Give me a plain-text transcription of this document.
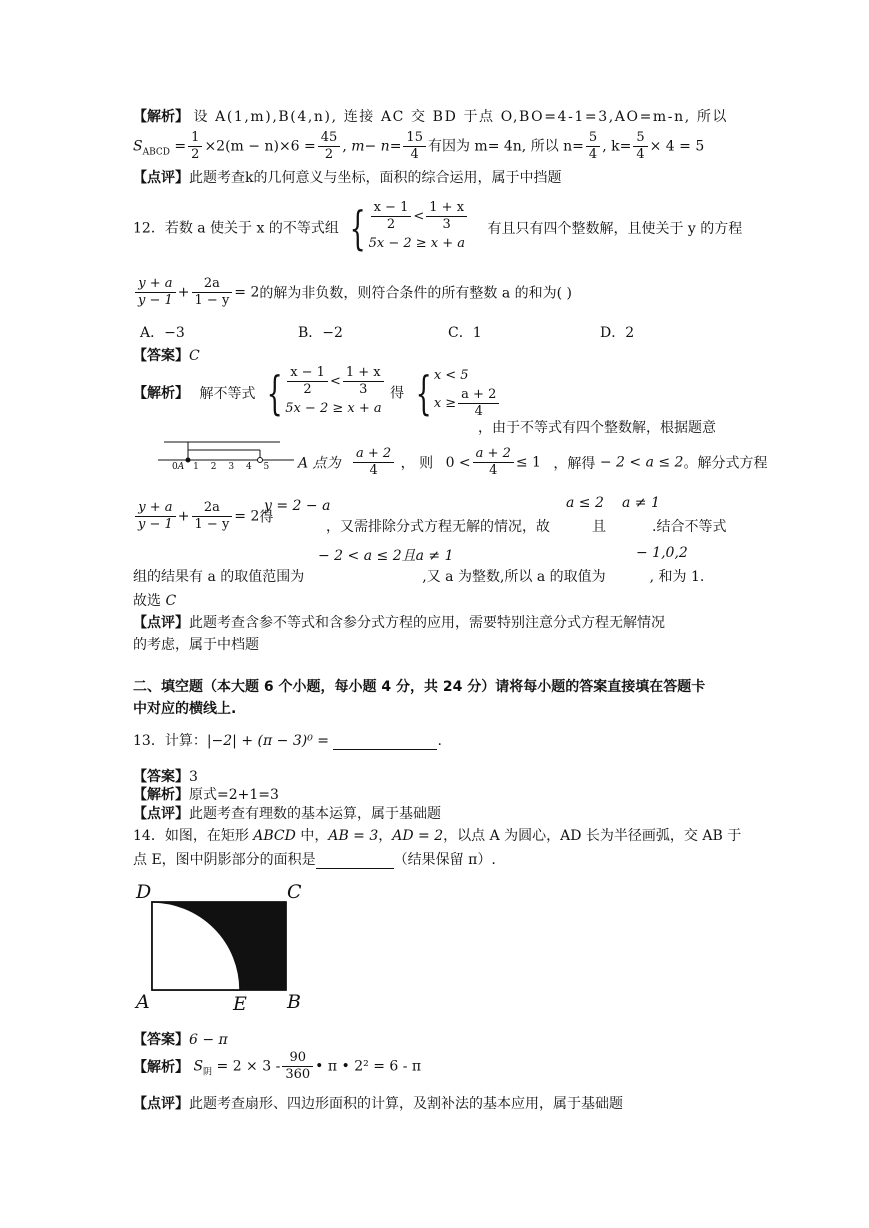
【解析】 设 A(1,m),B(4,n), 连接 AC 交 BD 于点 O,BO=4-1=3,AO=m-n, 所以
$S_{ABCD} = \frac{1}{2} \times 2(m - n)\times 6 = \frac{45}{2}$ , $m- n= \frac{15}{4}$ 有因为 m= 4n, 所以 $n= \frac{5}{4}$ , $k= \frac{5}{4} \times 4 = 5$
【点评】此题考查k的几何意义与坐标，面积的综合运用，属于中挡题
12．若数 a 使关于 x 的不等式组 { $\frac{x - 1}{2} < \frac{1 + x}{3}$
5x − 2 ≥ x + a
有且只有四个整数解，且使关于 y 的方程
$\frac{y + a}{y - 1} + \frac{2a}{1 - y} = 2$的解为非负数，则符合条件的所有整数 a 的和为( )
A．−3	B．−2	C．1	D．2
【答案】C
【解析】 解不等式 { $\frac{x - 1}{2} < \frac{1 + x}{3}$
5x − 2 ≥ x + a
得 { x < 5
$x \ge \frac{a + 2}{4}$
，由于不等式有四个整数解，根据题意
0A 1 2 3 4 5 A 点为 $\frac{a + 2}{4}$ ， 则 $0 < \frac{a + 2}{4} \le 1$ ，解得 − 2 < a ≤ 2。解分式方程
$\frac{y + a}{y - 1} + \frac{2a}{1 - y} = 2$得
y = 2 − a
，又需排除分式方程无解的情况，故
a ≤ 2
且
a ≠ 1
.结合不等式
− 2 < a ≤ 2且a ≠ 1	− 1,0,2
组的结果有 a 的取值范围为	,又 a 为整数,所以 a 的取值为	, 和为 1.
故选 C
【点评】此题考查含参不等式和含参分式方程的应用，需要特别注意分式方程无解情况
的考虑，属于中档题
二、填空题（本大题 6 个小题，每小题 4 分，共 24 分）请将每小题的答案直接填在答题卡
中对应的横线上.
13．计算：|−2| + (π − 3)⁰ =	.
【答案】3
【解析】原式=2+1=3
【点评】此题考查有理数的基本运算，属于基础题
14．如图，在矩形 ABCD 中，AB = 3，AD = 2，以点 A 为圆心，AD 长为半径画弧，交 AB 于
点 E，图中阴影部分的面积是	（结果保留 π）.
D	C
A	E B
【答案】6 − π
【解析】 $S_阴 = 2 \times 3 - \frac{90}{360}$ • π • 2² = 6 - π
【点评】此题考查扇形、四边形面积的计算，及割补法的基本应用，属于基础题
